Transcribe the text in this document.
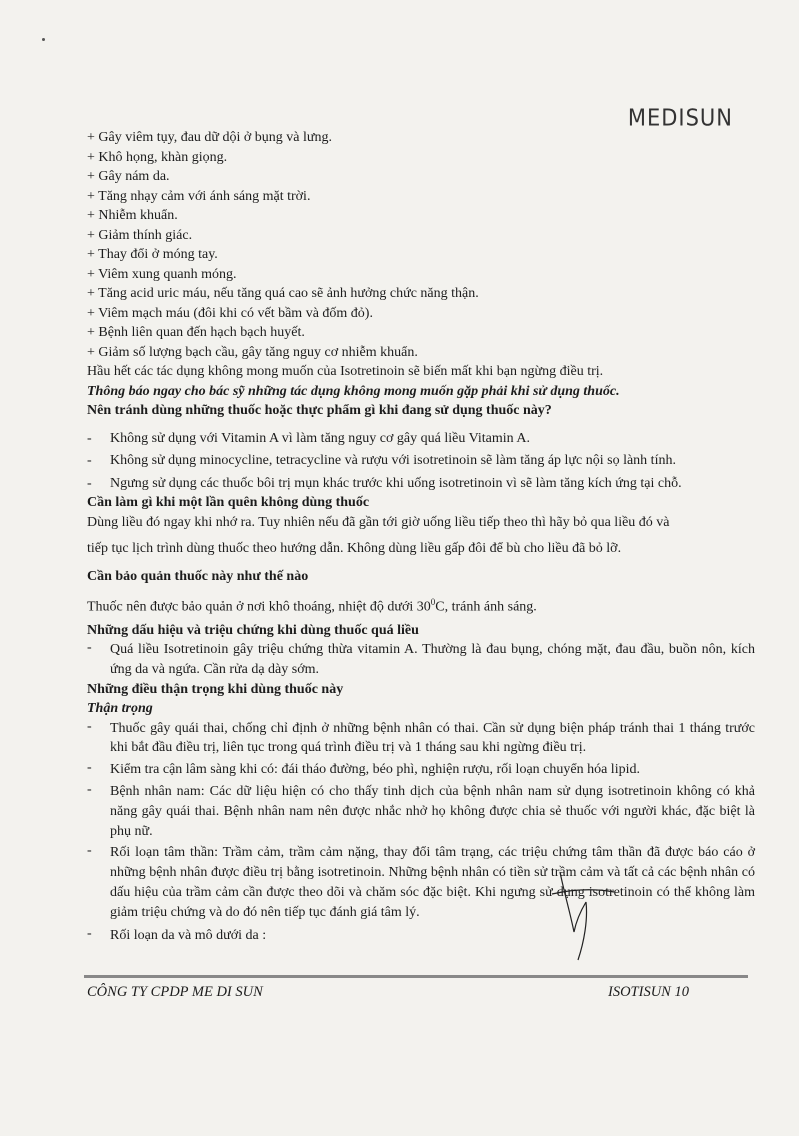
MEDISUN
+ Gây viêm tụy, đau dữ dội ở bụng và lưng.
+ Khô họng, khàn giọng.
+ Gây nám da.
+ Tăng nhạy cảm với ánh sáng mặt trời.
+ Nhiễm khuẩn.
+ Giảm thính giác.
+ Thay đổi ở móng tay.
+ Viêm xung quanh móng.
+ Tăng acid uric máu, nếu tăng quá cao sẽ ảnh hưởng chức năng thận.
+ Viêm mạch máu (đôi khi có vết bầm và đốm đỏ).
+ Bệnh liên quan đến hạch bạch huyết.
+ Giảm số lượng bạch cầu, gây tăng nguy cơ nhiễm khuẩn.
Hầu hết các tác dụng không mong muốn của Isotretinoin sẽ biến mất khi bạn ngừng điều trị.
Thông báo ngay cho bác sỹ những tác dụng không mong muốn gặp phải khi sử dụng thuốc.
Nên tránh dùng những thuốc hoặc thực phẩm gì khi đang sử dụng thuốc này?
- Không sử dụng với Vitamin A vì làm tăng nguy cơ gây quá liều Vitamin A.
- Không sử dụng minocycline, tetracycline và rượu với isotretinoin sẽ làm tăng áp lực nội sọ lành tính.
- Ngưng sử dụng các thuốc bôi trị mụn khác trước khi uống isotretinoin vì sẽ làm tăng kích ứng tại chỗ.
Cần làm gì khi một lần quên không dùng thuốc
Dùng liều đó ngay khi nhớ ra. Tuy nhiên nếu đã gần tới giờ uống liều tiếp theo thì hãy bỏ qua liều đó và
tiếp tục lịch trình dùng thuốc theo hướng dẫn. Không dùng liều gấp đôi để bù cho liều đã bỏ lỡ.
Cần bảo quản thuốc này như thế nào
Thuốc nên được bảo quản ở nơi khô thoáng, nhiệt độ dưới $30^0C$, tránh ánh sáng.
Những dấu hiệu và triệu chứng khi dùng thuốc quá liều
- Quá liều Isotretinoin gây triệu chứng thừa vitamin A. Thường là đau bụng, chóng mặt, đau đầu, buồn nôn, kích ứng da và ngứa. Cần rửa dạ dày sớm.

Những điều thận trọng khi dùng thuốc này
Thận trọng
- Thuốc gây quái thai, chống chỉ định ở những bệnh nhân có thai. Cần sử dụng biện pháp tránh thai 1 tháng trước khi bắt đầu điều trị, liên tục trong quá trình điều trị và 1 tháng sau khi ngừng điều trị.

- Kiểm tra cận lâm sàng khi có: đái tháo đường, béo phì, nghiện rượu, rối loạn chuyển hóa lipid.

- Bệnh nhân nam: Các dữ liệu hiện có cho thấy tinh dịch của bệnh nhân nam sử dụng isotretinoin không có khả năng gây quái thai. Bệnh nhân nam nên được nhắc nhở họ không được chia sẻ thuốc với người khác, đặc biệt là phụ nữ.

- Rối loạn tâm thần: Trầm cảm, trầm cảm nặng, thay đổi tâm trạng, các triệu chứng tâm thần đã được báo cáo ở những bệnh nhân được điều trị bằng isotretinoin. Những bệnh nhân có tiền sử trầm cảm và tất cả các bệnh nhân có dấu hiệu của trầm cảm cần được theo dõi và chăm sóc đặc biệt. Khi ngưng sử dụng isotretinoin có thể không làm giảm triệu chứng và do đó nên tiếp tục đánh giá tâm lý.

- Rối loạn da và mô dưới da :

CÔNG TY CPDP ME DI SUN	ISOTISUN 10
